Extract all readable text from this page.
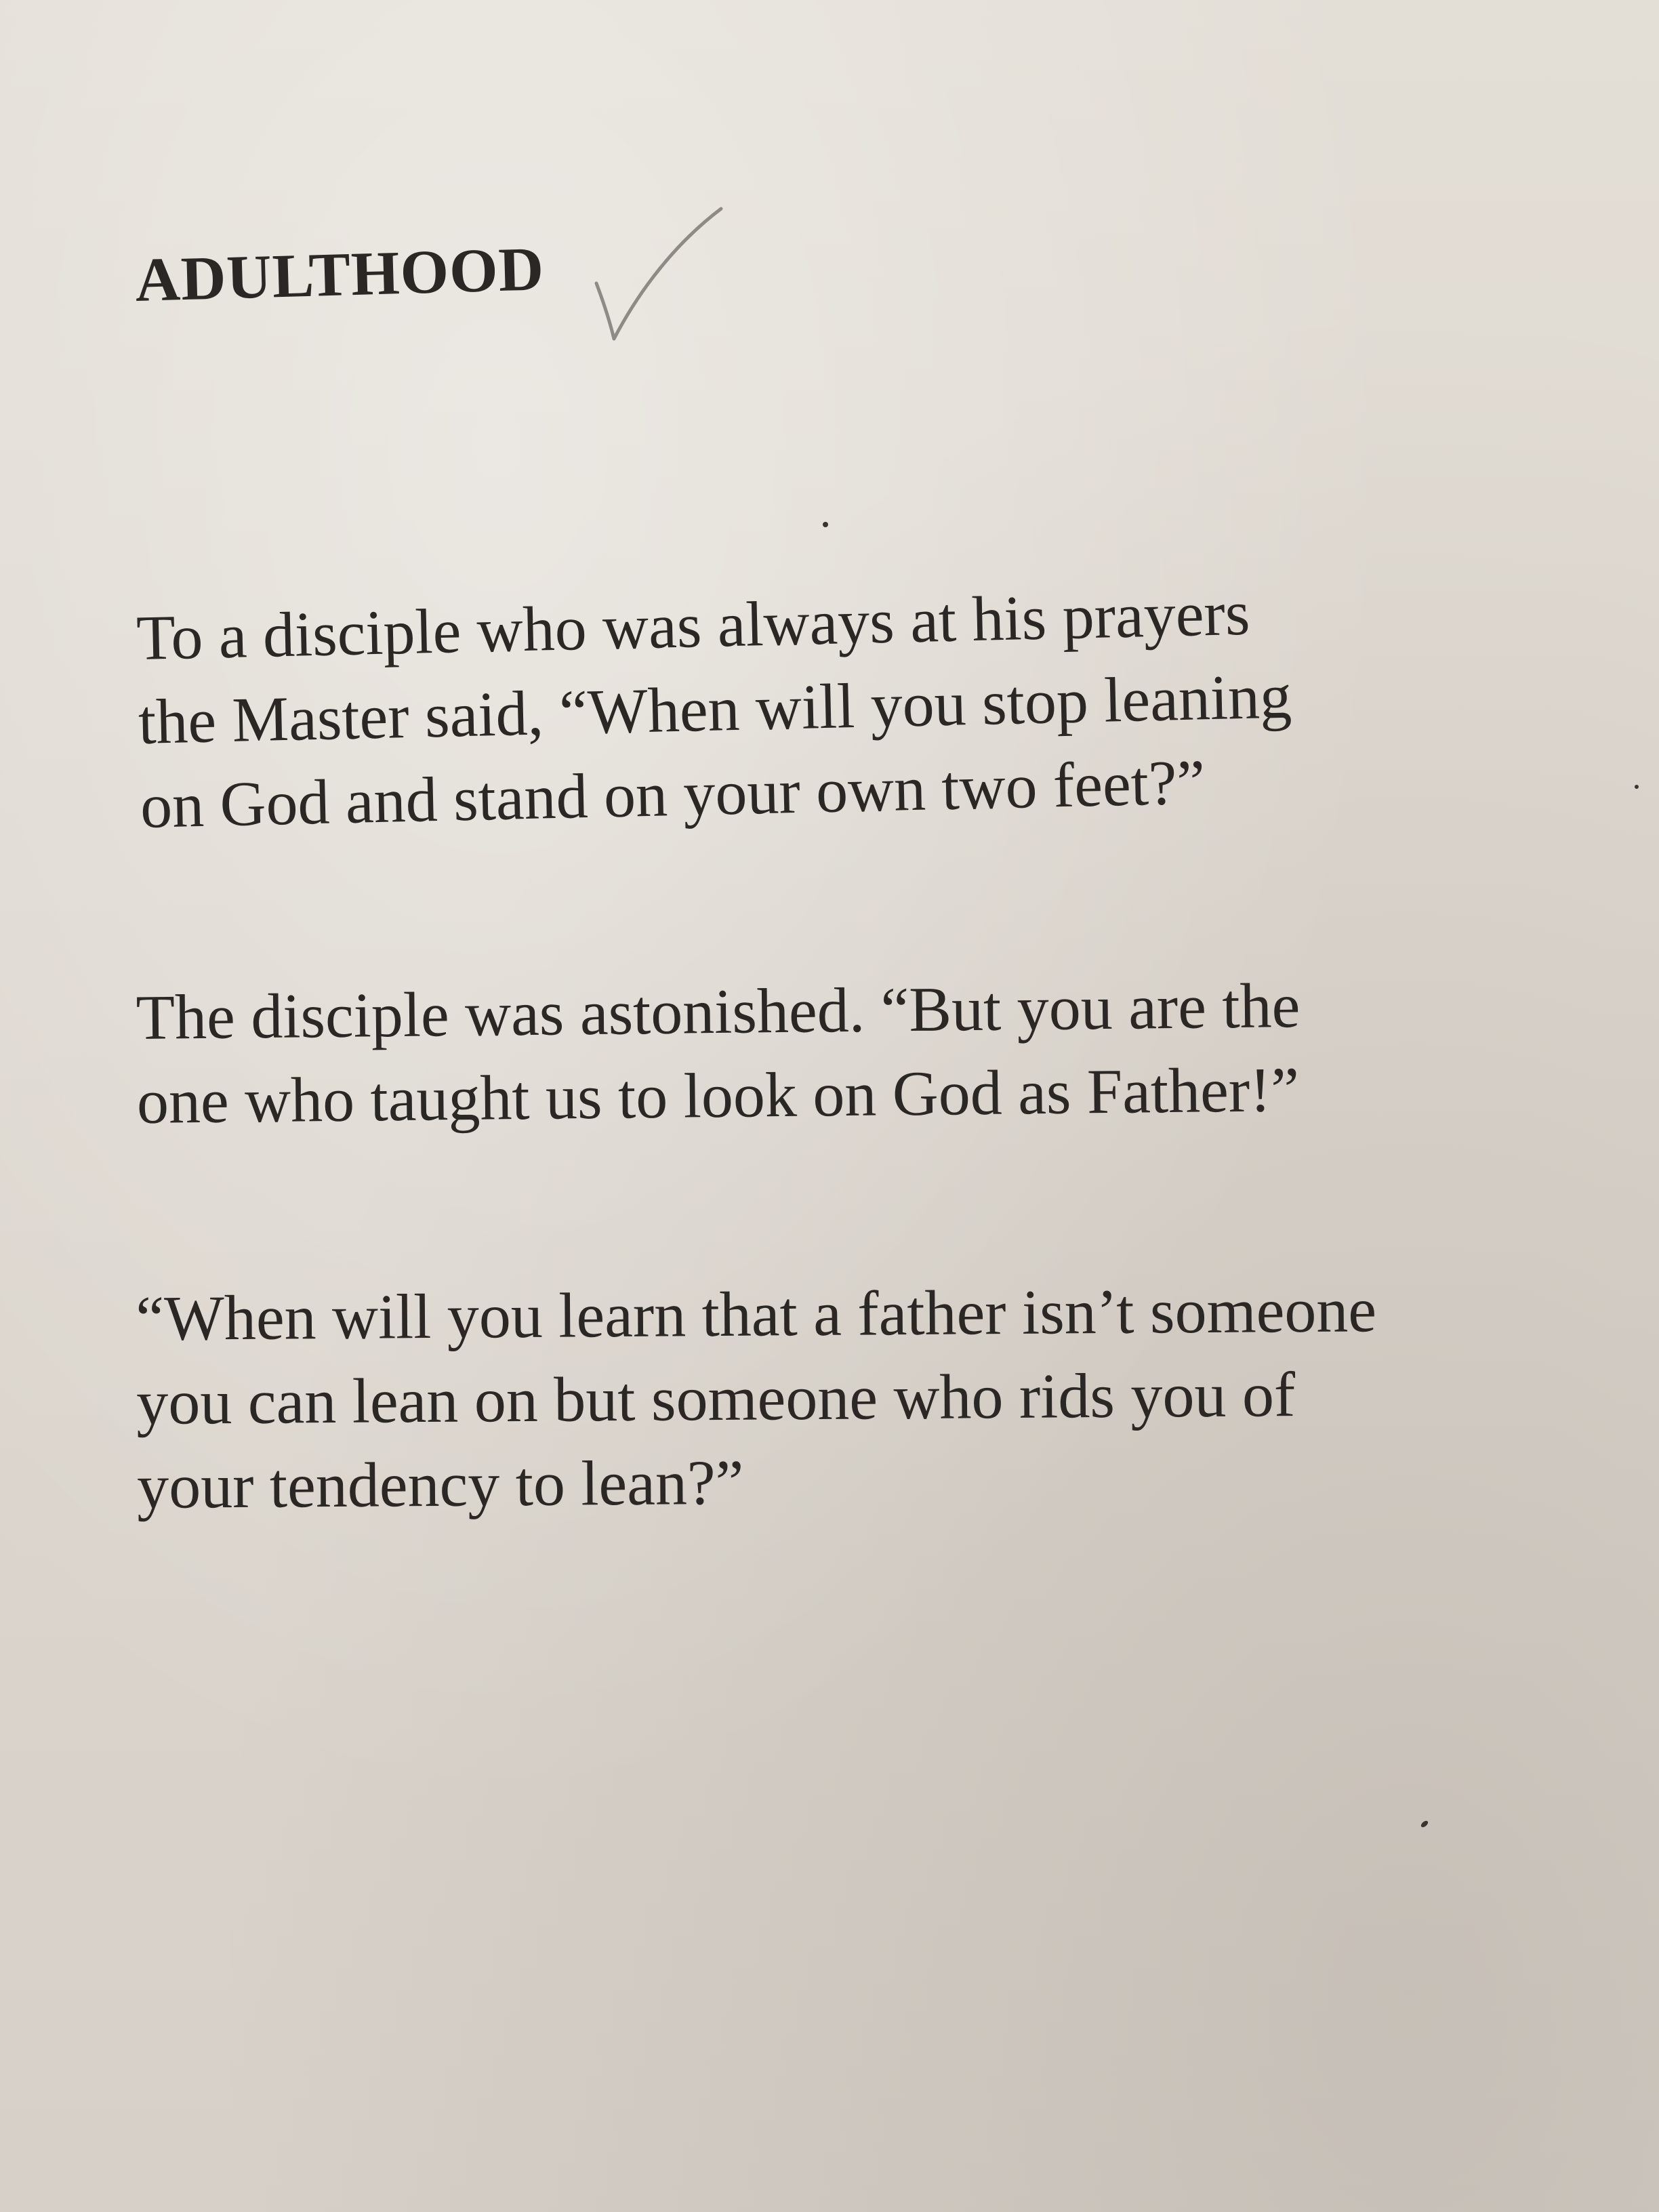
ADULTHOOD

To a disciple who was always at his prayers
the Master said, “When will you stop leaning
on God and stand on your own two feet?”

The disciple was astonished. “But you are the
one who taught us to look on God as Father!”

“When will you learn that a father isn’t someone
you can lean on but someone who rids you of
your tendency to lean?”
